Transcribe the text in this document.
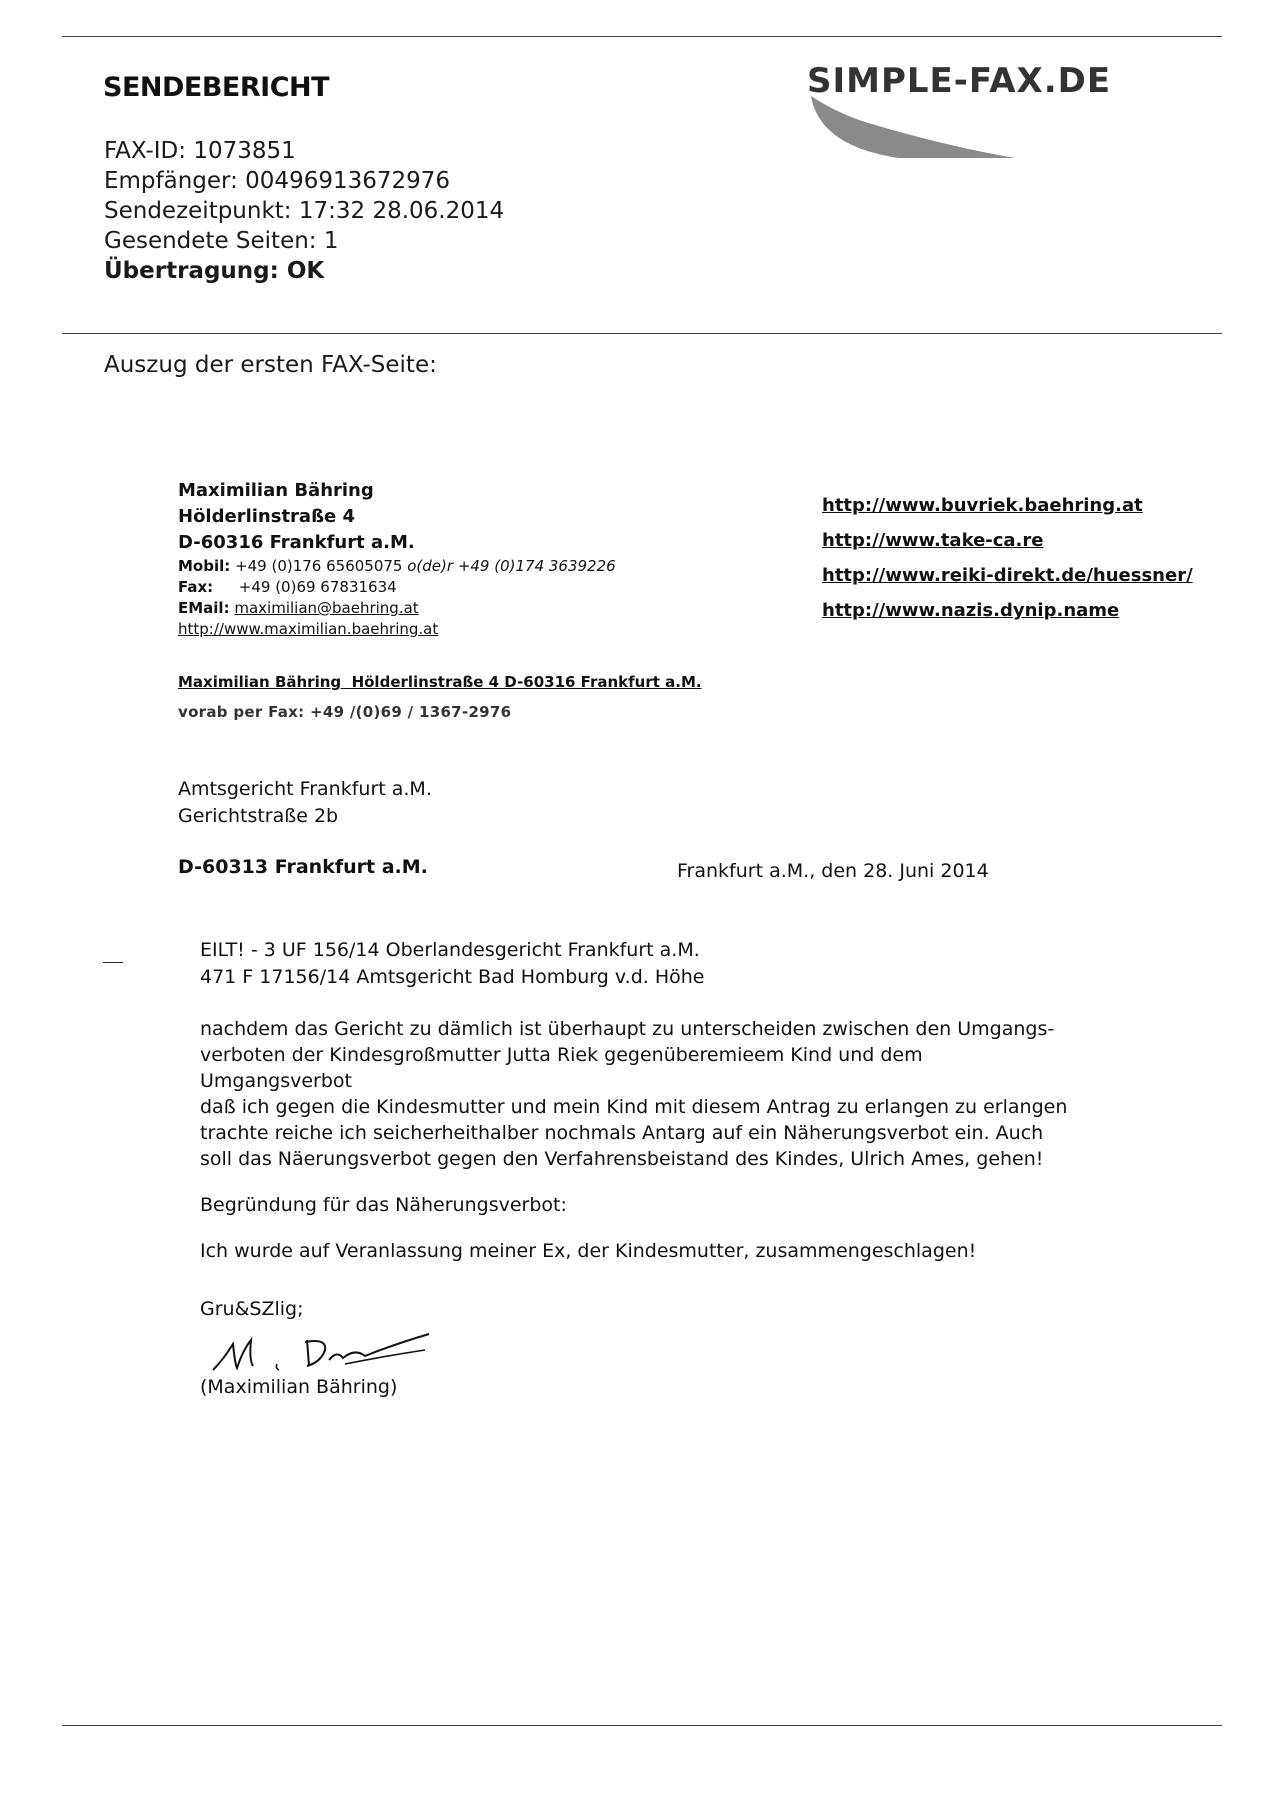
SENDEBERICHT
FAX-ID: 1073851
Empfänger: 00496913672976
Sendezeitpunkt: 17:32 28.06.2014
Gesendete Seiten: 1
Übertragung: OK
SIMPLE-FAX.DE
Auszug der ersten FAX-Seite:
Maximilian Bähring
Hölderlinstraße 4
D-60316 Frankfurt a.M.
Mobil: +49 (0)176 65605075 o(de)r +49 (0)174 3639226
Fax: +49 (0)69 67831634
EMail: maximilian@baehring.at
http://www.maximilian.baehring.at
http://www.buvriek.baehring.at
http://www.take-ca.re
http://www.reiki-direkt.de/huessner/
http://www.nazis.dynip.name
Maximilian Bähring  Hölderlinstraße 4 D-60316 Frankfurt a.M.
vorab per Fax: +49 /(0)69 / 1367-2976
Amtsgericht Frankfurt a.M.
Gerichtstraße 2b
D-60313 Frankfurt a.M.	Frankfurt a.M., den 28. Juni 2014
EILT! - 3 UF 156/14 Oberlandesgericht Frankfurt a.M.
471 F 17156/14 Amtsgericht Bad Homburg v.d. Höhe

nachdem das Gericht zu dämlich ist überhaupt zu unterscheiden zwischen den Umgangs-
verboten der Kindesgroßmutter Jutta Riek gegenüberemieem Kind und dem Umgangsverbot
daß ich gegen die Kindesmutter und mein Kind mit diesem Antrag zu erlangen zu erlangen
trachte reiche ich seicherheithalber nochmals Antarg auf ein Näherungsverbot ein. Auch
soll das Näerungsverbot gegen den Verfahrensbeistand des Kindes, Ulrich Ames, gehen!

Begründung für das Näherungsverbot:

Ich wurde auf Veranlassung meiner Ex, der Kindesmutter, zusammengeschlagen!

Gru&SZlig;
(Maximilian Bähring)
